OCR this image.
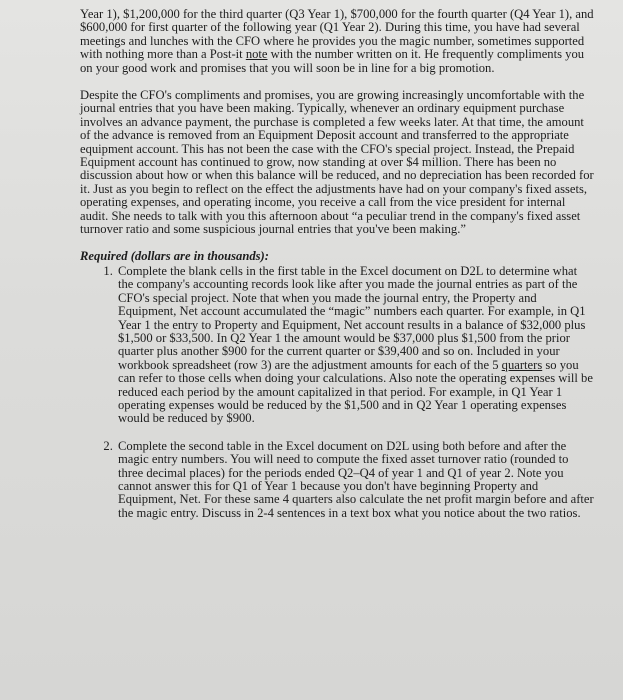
Year 1), $1,200,000 for the third quarter (Q3 Year 1), $700,000 for the fourth quarter (Q4 Year 1), and $600,000 for first quarter of the following year (Q1 Year 2). During this time, you have had several meetings and lunches with the CFO where he provides you the magic number, sometimes supported with nothing more than a Post-it note with the number written on it. He frequently compliments you on your good work and promises that you will soon be in line for a big promotion.

Despite the CFO's compliments and promises, you are growing increasingly uncomfortable with the journal entries that you have been making. Typically, whenever an ordinary equipment purchase involves an advance payment, the purchase is completed a few weeks later. At that time, the amount of the advance is removed from an Equipment Deposit account and transferred to the appropriate equipment account. This has not been the case with the CFO's special project. Instead, the Prepaid Equipment account has continued to grow, now standing at over $4 million. There has been no discussion about how or when this balance will be reduced, and no depreciation has been recorded for it. Just as you begin to reflect on the effect the adjustments have had on your company's fixed assets, operating expenses, and operating income, you receive a call from the vice president for internal audit. She needs to talk with you this afternoon about “a peculiar trend in the company's fixed asset turnover ratio and some suspicious journal entries that you've been making.”

Required (dollars are in thousands):

1. Complete the blank cells in the first table in the Excel document on D2L to determine what the company's accounting records look like after you made the journal entries as part of the CFO's special project. Note that when you made the journal entry, the Property and Equipment, Net account accumulated the “magic” numbers each quarter. For example, in Q1 Year 1 the entry to Property and Equipment, Net account results in a balance of $32,000 plus $1,500 or $33,500. In Q2 Year 1 the amount would be $37,000 plus $1,500 from the prior quarter plus another $900 for the current quarter or $39,400 and so on. Included in your workbook spreadsheet (row 3) are the adjustment amounts for each of the 5 quarters so you can refer to those cells when doing your calculations. Also note the operating expenses will be reduced each period by the amount capitalized in that period. For example, in Q1 Year 1 operating expenses would be reduced by the $1,500 and in Q2 Year 1 operating expenses would be reduced by $900.
2. Complete the second table in the Excel document on D2L using both before and after the magic entry numbers. You will need to compute the fixed asset turnover ratio (rounded to three decimal places) for the periods ended Q2–Q4 of year 1 and Q1 of year 2. Note you cannot answer this for Q1 of Year 1 because you don't have beginning Property and Equipment, Net. For these same 4 quarters also calculate the net profit margin before and after the magic entry. Discuss in 2-4 sentences in a text box what you notice about the two ratios.
